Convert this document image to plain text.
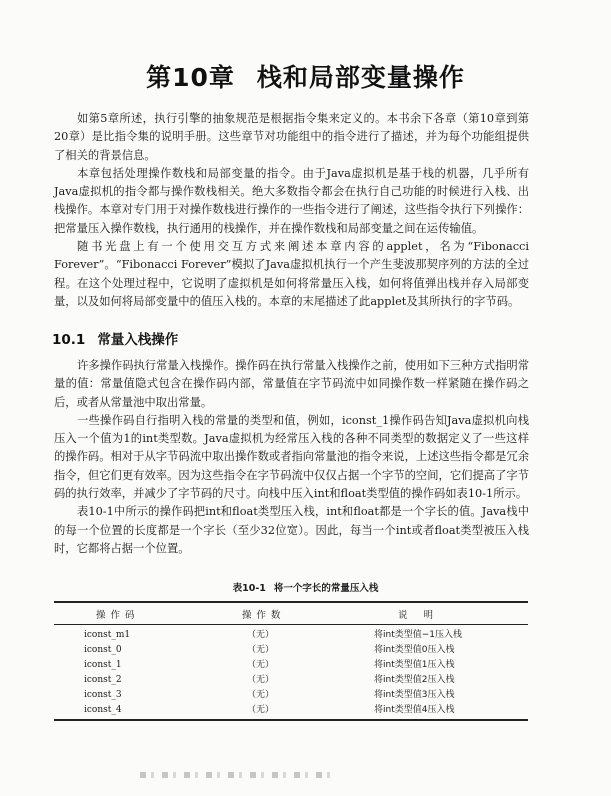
第10章 栈和局部变量操作

如第5章所述，执行引擎的抽象规范是根据指令集来定义的。本书余下各章（第10章到第20章）是比指令集的说明手册。这些章节对功能组中的指令进行了描述，并为每个功能组提供了相关的背景信息。

本章包括处理操作数栈和局部变量的指令。由于Java虚拟机是基于栈的机器，几乎所有Java虚拟机的指令都与操作数栈相关。绝大多数指令都会在执行自己功能的时候进行入栈、出栈操作。本章对专门用于对操作数栈进行操作的一些指令进行了阐述，这些指令执行下列操作：把常量压入操作数栈，执行通用的栈操作，并在操作数栈和局部变量之间在运传输值。

随书光盘上有一个使用交互方式来阐述本章内容的applet，名为“Fibonacci Forever”。“Fibonacci Forever”模拟了Java虚拟机执行一个产生斐波那契序列的方法的全过程。在这个处理过程中，它说明了虚拟机是如何将常量压入栈，如何将值弹出栈并存入局部变量，以及如何将局部变量中的值压入栈的。本章的末尾描述了此applet及其所执行的字节码。

10.1 常量入栈操作

许多操作码执行常量入栈操作。操作码在执行常量入栈操作之前，使用如下三种方式指明常量的值：常量值隐式包含在操作码内部，常量值在字节码流中如同操作数一样紧随在操作码之后，或者从常量池中取出常量。

一些操作码自行指明入栈的常量的类型和值，例如，iconst_1操作码告知Java虚拟机向栈压入一个值为1的int类型数。Java虚拟机为经常压入栈的各种不同类型的数据定义了一些这样的操作码。相对于从字节码流中取出操作数或者指向常量池的指令来说，上述这些指令都是冗余指令，但它们更有效率。因为这些指令在字节码流中仅仅占据一个字节的空间，它们提高了字节码的执行效率，并减少了字节码的尺寸。向栈中压入int和float类型值的操作码如表10-1所示。

表10-1中所示的操作码把int和float类型压入栈，int和float都是一个字长的值。Java栈中的每一个位置的长度都是一个字长（至少32位宽）。因此，每当一个int或者float类型被压入栈时，它都将占据一个位置。

表10-1 将一个字长的常量压入栈
操作码	操作数	说明
iconst_m1	（无）	将int类型值−1压入栈
iconst_0	（无）	将int类型值0压入栈
iconst_1	（无）	将int类型值1压入栈
iconst_2	（无）	将int类型值2压入栈
iconst_3	（无）	将int类型值3压入栈
iconst_4	（无）	将int类型值4压入栈
